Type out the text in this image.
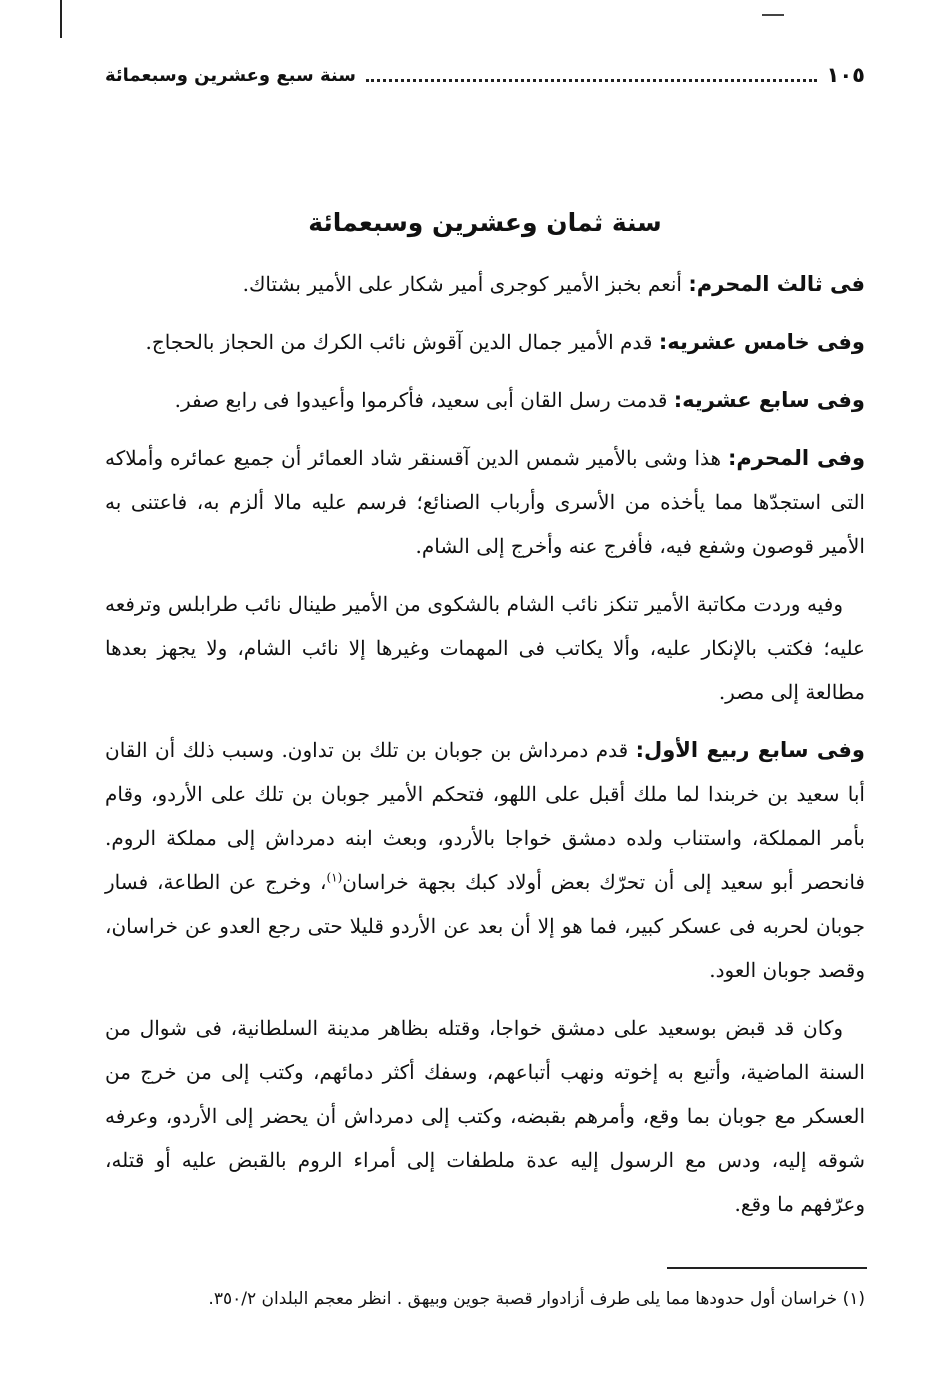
١٠٥
سنة سبع وعشرين وسبعمائة
سنة ثمان وعشرين وسبعمائة

فى ثالث المحرم: أنعم بخبز الأمير كوجرى أمير شكار على الأمير بشتاك.

وفى خامس عشريه: قدم الأمير جمال الدين آقوش نائب الكرك من الحجاز بالحجاج.

وفى سابع عشريه: قدمت رسل القان أبى سعيد، فأكرموا وأعيدوا فى رابع صفر.

وفى المحرم: هذا وشى بالأمير شمس الدين آقسنقر شاد العمائر أن جميع عمائره وأملاكه التى استجدّها مما يأخذه من الأسرى وأرباب الصنائع؛ فرسم عليه مالا ألزم به، فاعتنى به الأمير قوصون وشفع فيه، فأفرج عنه وأخرج إلى الشام.

وفيه وردت مكاتبة الأمير تنكز نائب الشام بالشكوى من الأمير طينال نائب طرابلس وترفعه عليه؛ فكتب بالإنكار عليه، وألا يكاتب فى المهمات وغيرها إلا نائب الشام، ولا يجهز بعدها مطالعة إلى مصر.

وفى سابع ربيع الأول: قدم دمرداش بن جوبان بن تلك بن تداون. وسبب ذلك أن القان أبا سعيد بن خربندا لما ملك أقبل على اللهو، فتحكم الأمير جوبان بن تلك على الأردو، وقام بأمر المملكة، واستناب ولده دمشق خواجا بالأردو، وبعث ابنه دمرداش إلى مملكة الروم. فانحصر أبو سعيد إلى أن تحرّك بعض أولاد كبك بجهة خراسان$^{(١)}$، وخرج عن الطاعة، فسار جوبان لحربه فى عسكر كبير، فما هو إلا أن بعد عن الأردو قليلا حتى رجع العدو عن خراسان، وقصد جوبان العود.

وكان قد قبض بوسعيد على دمشق خواجا، وقتله بظاهر مدينة السلطانية، فى شوال من السنة الماضية، وأتبع به إخوته ونهب أتباعهم، وسفك أكثر دمائهم، وكتب إلى من خرج من العسكر مع جوبان بما وقع، وأمرهم بقبضه، وكتب إلى دمرداش أن يحضر إلى الأردو، وعرفه شوقه إليه، ودس مع الرسول إليه عدة ملطفات إلى أمراء الروم بالقبض عليه أو قتله، وعرّفهم ما وقع.

(١) خراسان أول حدودها مما يلى طرف أزادوار قصبة جوين وبيهق . انظر معجم البلدان ٣٥٠/٢.
